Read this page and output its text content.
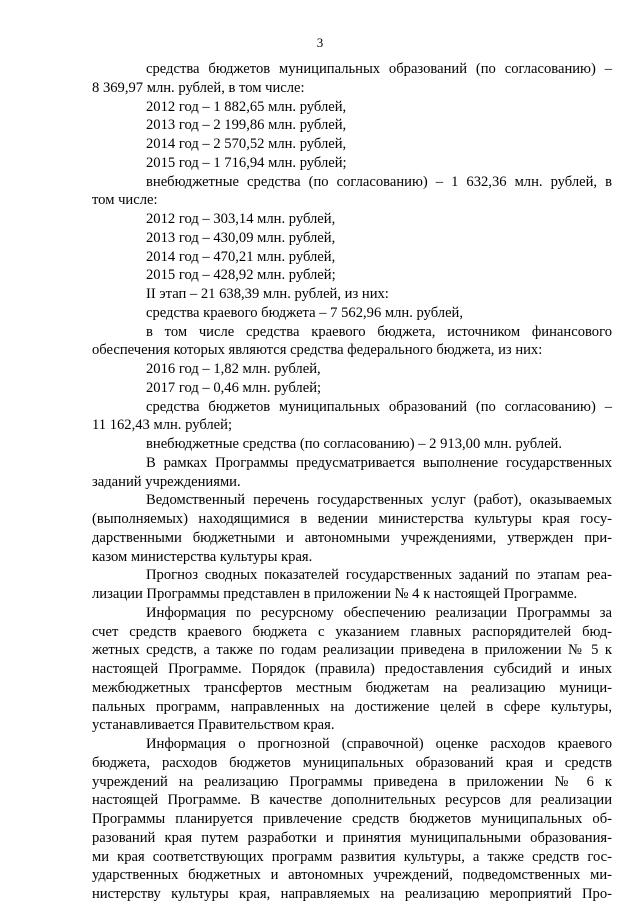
3
средства бюджетов муниципальных образований (по согласованию) –
8 369,97 млн. рублей, в том числе:
2012 год – 1 882,65 млн. рублей,
2013 год – 2 199,86 млн. рублей,
2014 год – 2 570,52 млн. рублей,
2015 год – 1 716,94 млн. рублей;
внебюджетные средства (по согласованию) – 1 632,36 млн. рублей, в
том числе:
2012 год – 303,14 млн. рублей,
2013 год – 430,09 млн. рублей,
2014 год – 470,21 млн. рублей,
2015 год – 428,92 млн. рублей;
II этап – 21 638,39 млн. рублей, из них:
средства краевого бюджета – 7 562,96 млн. рублей,
в том числе средства краевого бюджета, источником финансового
обеспечения которых являются средства федерального бюджета, из них:
2016 год – 1,82 млн. рублей,
2017 год – 0,46 млн. рублей;
средства бюджетов муниципальных образований (по согласованию) –
11 162,43 млн. рублей;
внебюджетные средства (по согласованию) – 2 913,00 млн. рублей.
В рамках Программы предусматривается выполнение государственных
заданий учреждениями.
Ведомственный перечень государственных услуг (работ), оказываемых
(выполняемых) находящимися в ведении министерства культуры края госу-
дарственными бюджетными и автономными учреждениями, утвержден при-
казом министерства культуры края.
Прогноз сводных показателей государственных заданий по этапам реа-
лизации Программы представлен в приложении № 4 к настоящей Программе.
Информация по ресурсному обеспечению реализации Программы за
счет средств краевого бюджета с указанием главных распорядителей бюд-
жетных средств, а также по годам реализации приведена в приложении № 5 к
настоящей Программе. Порядок (правила) предоставления субсидий и иных
межбюджетных трансфертов местным бюджетам на реализацию муници-
пальных программ, направленных на достижение целей в сфере культуры,
устанавливается Правительством края.
Информация о прогнозной (справочной) оценке расходов краевого
бюджета, расходов бюджетов муниципальных образований края и средств
учреждений на реализацию Программы приведена в приложении № 6 к
настоящей Программе. В качестве дополнительных ресурсов для реализации
Программы планируется привлечение средств бюджетов муниципальных об-
разований края путем разработки и принятия муниципальными образования-
ми края соответствующих программ развития культуры, а также средств гос-
ударственных бюджетных и автономных учреждений, подведомственных ми-
нистерству культуры края, направляемых на реализацию мероприятий Про-
